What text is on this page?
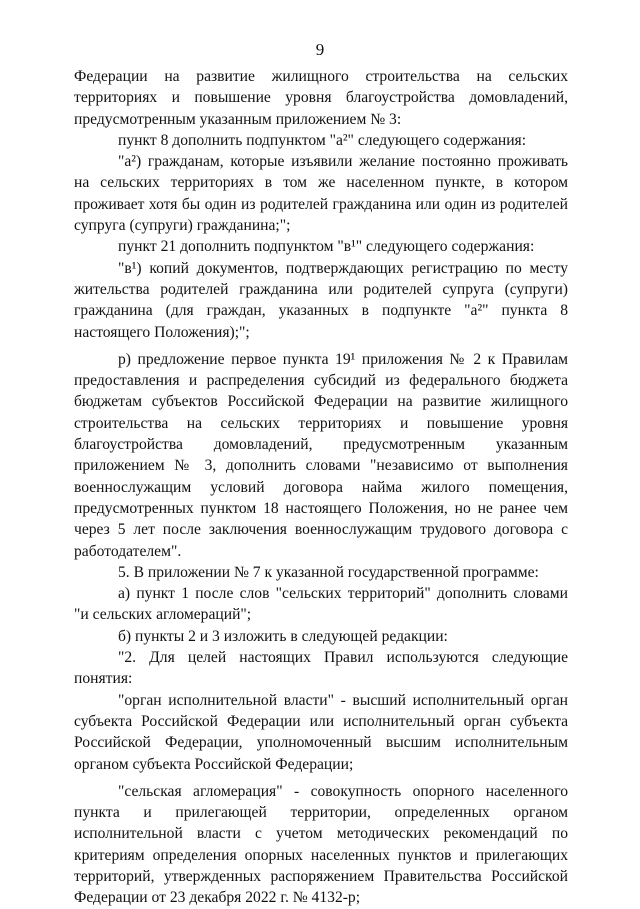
9

Федерации на развитие жилищного строительства на сельских территориях и повышение уровня благоустройства домовладений, предусмотренным указанным приложением № 3:

пункт 8 дополнить подпунктом "а²" следующего содержания:

"а²) гражданам, которые изъявили желание постоянно проживать на сельских территориях в том же населенном пункте, в котором проживает хотя бы один из родителей гражданина или один из родителей супруга (супруги) гражданина;";

пункт 21 дополнить подпунктом "в¹" следующего содержания:

"в¹) копий документов, подтверждающих регистрацию по месту жительства родителей гражданина или родителей супруга (супруги) гражданина (для граждан, указанных в подпункте "а²" пункта 8 настоящего Положения);";

р) предложение первое пункта 19¹ приложения № 2 к Правилам предоставления и распределения субсидий из федерального бюджета бюджетам субъектов Российской Федерации на развитие жилищного строительства на сельских территориях и повышение уровня благоустройства домовладений, предусмотренным указанным приложением № 3, дополнить словами "независимо от выполнения военнослужащим условий договора найма жилого помещения, предусмотренных пунктом 18 настоящего Положения, но не ранее чем через 5 лет после заключения военнослужащим трудового договора с работодателем".

5. В приложении № 7 к указанной государственной программе:

а) пункт 1 после слов "сельских территорий" дополнить словами "и сельских агломераций";

б) пункты 2 и 3 изложить в следующей редакции:

"2. Для целей настоящих Правил используются следующие понятия:

"орган исполнительной власти" - высший исполнительный орган субъекта Российской Федерации или исполнительный орган субъекта Российской Федерации, уполномоченный высшим исполнительным органом субъекта Российской Федерации;

"сельская агломерация" - совокупность опорного населенного пункта и прилегающей территории, определенных органом исполнительной власти с учетом методических рекомендаций по критериям определения опорных населенных пунктов и прилегающих территорий, утвержденных распоряжением Правительства Российской Федерации от 23 декабря 2022 г. № 4132-р;
